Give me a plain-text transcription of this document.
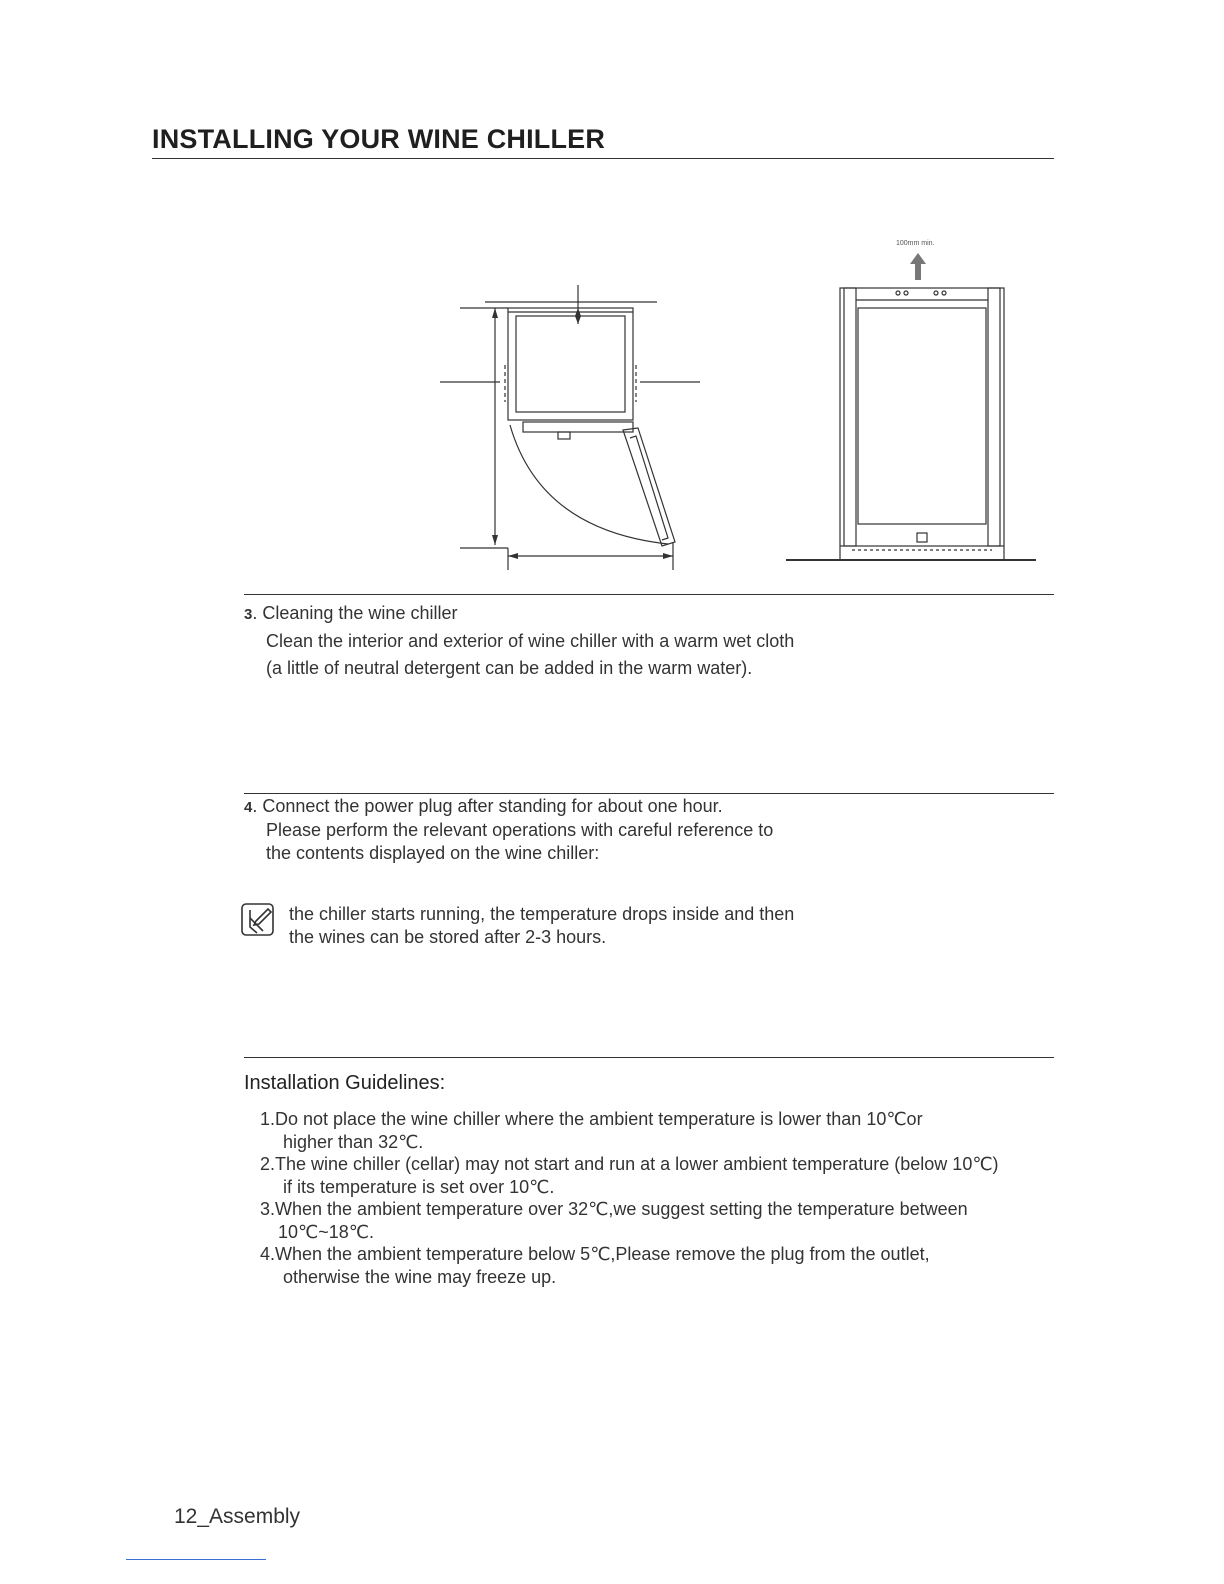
INSTALLING YOUR WINE CHILLER
100mm min.
3. Cleaning the wine chiller
Clean the interior and exterior of wine chiller with a warm wet cloth
(a little of neutral detergent can be added in the warm water).
4. Connect the power plug after standing for about one hour.
Please perform the relevant operations with careful reference to
the contents displayed on the wine chiller:
the chiller starts running, the temperature drops inside and then
the wines can be stored after 2-3 hours.
Installation Guidelines:
1.Do not place the wine chiller where the ambient temperature is lower than 10℃or
higher than 32℃.
2.The wine chiller (cellar) may not start and run at a lower ambient temperature (below 10℃)
if its temperature is set over 10℃.
3.When the ambient temperature over 32℃,we suggest setting the temperature between
10℃~18℃.
4.When the ambient temperature below 5℃,Please remove the plug from the outlet,
otherwise the wine may freeze up.
12_Assembly
